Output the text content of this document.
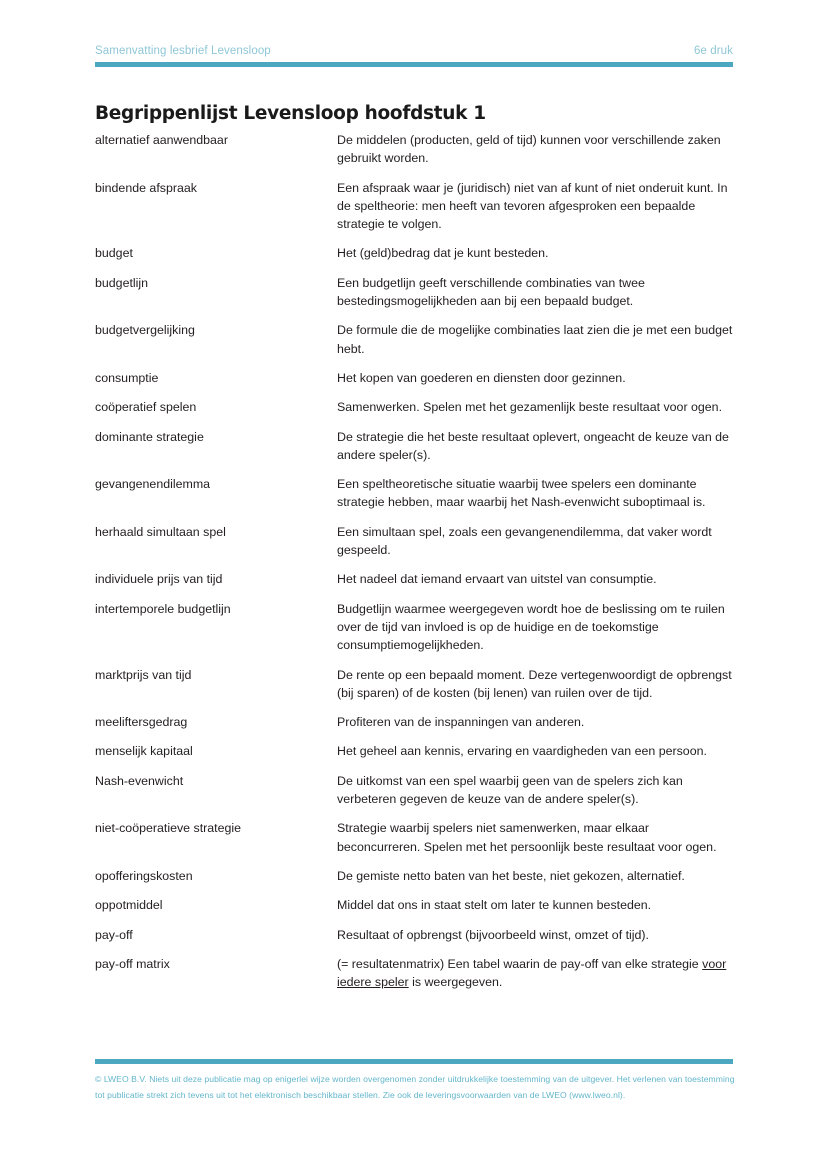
Samenvatting lesbrief Levensloop	6e druk
Begrippenlijst Levensloop hoofdstuk 1
alternatief aanwendbaar	De middelen (producten, geld of tijd) kunnen voor verschillende zaken gebruikt worden.
bindende afspraak	Een afspraak waar je (juridisch) niet van af kunt of niet onderuit kunt. In de speltheorie: men heeft van tevoren afgesproken een bepaalde strategie te volgen.
budget	Het (geld)bedrag dat je kunt besteden.
budgetlijn	Een budgetlijn geeft verschillende combinaties van twee bestedingsmogelijkheden aan bij een bepaald budget.
budgetvergelijking	De formule die de mogelijke combinaties laat zien die je met een budget hebt.
consumptie	Het kopen van goederen en diensten door gezinnen.
coöperatief spelen	Samenwerken. Spelen met het gezamenlijk beste resultaat voor ogen.
dominante strategie	De strategie die het beste resultaat oplevert, ongeacht de keuze van de andere speler(s).
gevangenendilemma	Een speltheoretische situatie waarbij twee spelers een dominante strategie hebben, maar waarbij het Nash-evenwicht suboptimaal is.
herhaald simultaan spel	Een simultaan spel, zoals een gevangenendilemma, dat vaker wordt gespeeld.
individuele prijs van tijd	Het nadeel dat iemand ervaart van uitstel van consumptie.
intertemporele budgetlijn	Budgetlijn waarmee weergegeven wordt hoe de beslissing om te ruilen over de tijd van invloed is op de huidige en de toekomstige consumptiemogelijkheden.
marktprijs van tijd	De rente op een bepaald moment. Deze vertegenwoordigt de opbrengst (bij sparen) of de kosten (bij lenen) van ruilen over de tijd.
meeliftersgedrag	Profiteren van de inspanningen van anderen.
menselijk kapitaal	Het geheel aan kennis, ervaring en vaardigheden van een persoon.
Nash-evenwicht	De uitkomst van een spel waarbij geen van de spelers zich kan verbeteren gegeven de keuze van de andere speler(s).
niet-coöperatieve strategie	Strategie waarbij spelers niet samenwerken, maar elkaar beconcurreren. Spelen met het persoonlijk beste resultaat voor ogen.
opofferingskosten	De gemiste netto baten van het beste, niet gekozen, alternatief.
oppotmiddel	Middel dat ons in staat stelt om later te kunnen besteden.
pay-off	Resultaat of opbrengst (bijvoorbeeld winst, omzet of tijd).
pay-off matrix	(= resultatenmatrix) Een tabel waarin de pay-off van elke strategie voor iedere speler is weergegeven.
© LWEO B.V. Niets uit deze publicatie mag op enigerlei wijze worden overgenomen zonder uitdrukkelijke toestemming van de uitgever. Het verlenen van toestemming tot publicatie strekt zich tevens uit tot het elektronisch beschikbaar stellen. Zie ook de leveringsvoorwaarden van de LWEO (www.lweo.nl).
